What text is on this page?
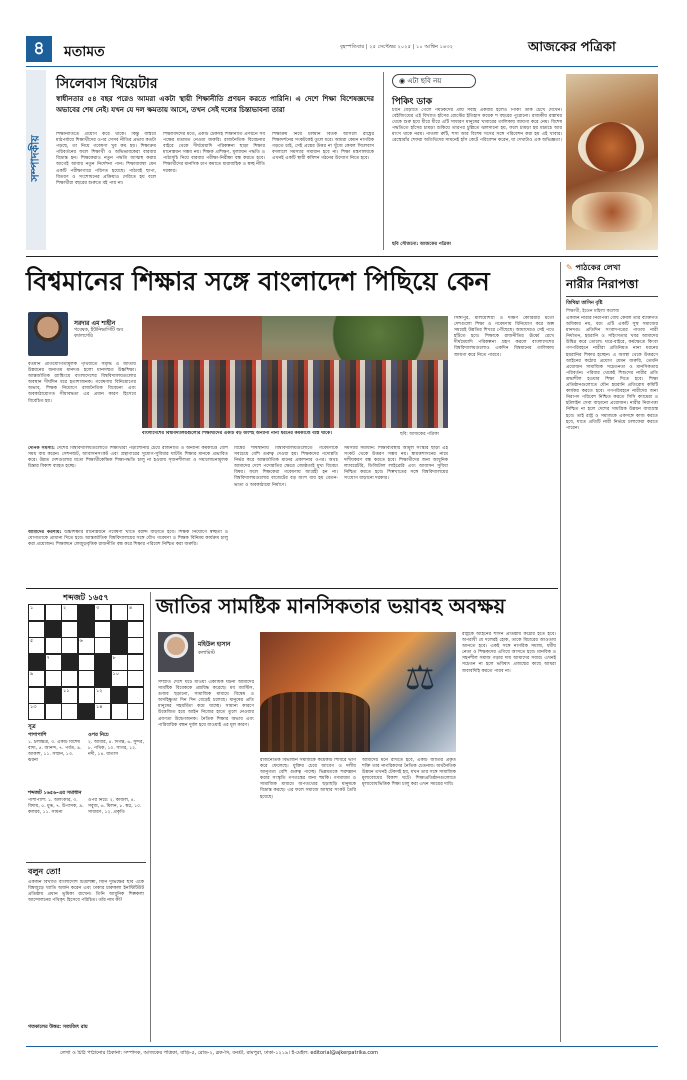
৪	মতামত	বৃহস্পতিবার | ২৫ সেপ্টেম্বর ২০২৫ | ১০ আশ্বিন ১৪৩২	আজকের পত্রিকা
সম্পাদকীয়
সিলেবাস থিয়েটার
স্বাধীনতার ৫৪ বছর পরেও আমরা একটা স্থায়ী শিক্ষানীতি প্রণয়ন করতে পারিনি। এ দেশে শিক্ষা বিশেষজ্ঞদের অভাবের শেষ নেই। যখন যে দল ক্ষমতায় আসে, তখন সেই দলের চিন্তাভাবনা তারা
শিক্ষানীতিতে প্রয়োগ করে থাকে। কিন্তু বাস্তবে মাঠপর্যায়ে শিক্ষার্থীদের ওপর সেসব নীতির প্রভাব কতটা পড়ছে, তা নিয়ে গবেষণা খুব কম হয়। শিক্ষাক্রম পরিবর্তনের ফলে শিক্ষার্থী ও অভিভাবকেরা বারবার বিভ্রান্ত হন। শিক্ষকেরাও নতুন পদ্ধতি আত্মস্থ করার আগেই আবার নতুন নির্দেশনা পান। শিক্ষাব্যবস্থা যেন একটি পরীক্ষাগারে পরিণত হয়েছে। পাঠ্যবই ছাপা, বিতরণ ও সংশোধনের প্রক্রিয়াও দেরিতে হয় বলে শিক্ষার্থীরা বছরের শুরুতে বই পায় না।
শিক্ষাবিদদের মতে, একটি টেকসই শিক্ষানীতি প্রণয়নে সব পক্ষের মতামত নেওয়া জরুরি। রাজনৈতিক বিবেচনার বাইরে থেকে দীর্ঘমেয়াদি পরিকল্পনা ছাড়া শিক্ষার মানোন্নয়ন সম্ভব নয়। শিক্ষক প্রশিক্ষণ, মূল্যায়ন পদ্ধতি ও পাঠ্যসূচি নিয়ে বারবার পরীক্ষা-নিরীক্ষা বন্ধ করতে হবে। শিক্ষার্থীদের মানসিক চাপ কমাতে ধারাবাহিক ও স্বচ্ছ নীতি দরকার।
শিক্ষাক্রম নিয়ে চলমান বিতর্ক আসলে রাষ্ট্রের শিক্ষাদর্শনের সংকটকেই তুলে ধরে। আমরা কেমন নাগরিক গড়তে চাই, সেই প্রশ্নের উত্তর না খুঁজে কেবল সিলেবাস বদলালে সমস্যার সমাধান হবে না। শিক্ষা মন্ত্রণালয়কে এখনই একটি স্থায়ী কমিশন গঠনের উদ্যোগ নিতে হবে।
◉ এটা ছবি নয়
পিকিং ডাক
চীনে বেড়াতে গেলে পর্যটকদের প্রায় সবাই একবার হলেও পিকিং ডাক চেখে দেখেন। বেইজিংয়ের এই বিখ্যাত হাঁসের রোস্টের ইতিহাস কয়েক শ বছরের পুরোনো। রাজকীয় রান্নাঘর থেকে শুরু হয়ে ধীরে ধীরে এটি সাধারণ মানুষের খাবারের তালিকায় জায়গা করে নেয়। বিশেষ পদ্ধতিতে হাঁসের চামড়া শুকিয়ে তারপর চুল্লিতে ঝলসানো হয়, ফলে চামড়া হয় মচমচে আর মাংস থাকে নরম। পাতলা রুটি, শসা আর বিশেষ সসের সঙ্গে পরিবেশন করা হয় এই খাবার। রেস্তোরাঁর শেফরা অতিথিদের সামনেই হাঁস কেটে পরিবেশন করেন, যা দেখাটাও এক অভিজ্ঞতা।
ছবি সৌজন্যে: আজকের পত্রিকা
বিশ্বমানের শিক্ষার সঙ্গে বাংলাদেশ পিছিয়ে কেন
সরদার এম শাহীন
গবেষক, ইউনিভার্সিটি অব ক্যালগেরি
বাংলাদেশের বিশ্ববিদ্যালয়গুলোর শিক্ষার্থীদের একটি বড় অংশই অন্যান্য নানা ধরনের কর্মকাণ্ডে ব্যস্ত থাকে।	ছবি: আজকের পত্রিকা
বর্তমান প্রতিযোগিতামূলক পৃথিবীতে সমৃদ্ধি ও জাতীয় উন্নয়নের অন্যতম মানদণ্ড হলো মানসম্মত উচ্চশিক্ষা। আন্তর্জাতিক র‍্যাঙ্কিংয়ে বাংলাদেশের বিশ্ববিদ্যালয়গুলোর অবস্থান দীর্ঘদিন ধরে হতাশাজনক। গবেষণায় বিনিয়োগের অভাব, শিক্ষক নিয়োগে রাজনৈতিক বিবেচনা এবং অবকাঠামোগত সীমাবদ্ধতা এর প্রধান কারণ হিসেবে বিবেচিত হয়।
দৈনিক সমস্যা: দেশের বিশ্ববিদ্যালয়গুলোতে শিক্ষার্থীরা পড়াশোনার চেয়ে রাজনীতি ও অন্যান্য কর্মকাণ্ডে বেশি সময় ব্যয় করেন। সেশনজট, আবাসনসংকট এবং গ্রন্থাগারের সুযোগ-সুবিধার ঘাটতি শিক্ষার মানকে প্রভাবিত করে। উন্নত দেশগুলোর মতো শিক্ষার্থীকেন্দ্রিক শিক্ষাপদ্ধতি চালু না হওয়ায় সৃজনশীলতা ও সমালোচনামূলক চিন্তার বিকাশ ব্যাহত হচ্ছে।
আমাদের করণীয়: উচ্চশিক্ষার মানোন্নয়নে গবেষণা খাতে বরাদ্দ বাড়াতে হবে। শিক্ষক নিয়োগে স্বচ্ছতা ও যোগ্যতাকে প্রাধান্য দিতে হবে। আন্তর্জাতিক বিশ্ববিদ্যালয়ের সঙ্গে যৌথ গবেষণা ও শিক্ষক বিনিময় কার্যক্রম চালু করা প্রয়োজন। শিক্ষাঙ্গনে লেজুড়বৃত্তিক রাজনীতি বন্ধ করে শিক্ষার পরিবেশ নিশ্চিত করা জরুরি।
বিশ্বের শীর্ষস্থানীয় বিশ্ববিদ্যালয়গুলোতে গবেষণাকে সবচেয়ে বেশি গুরুত্ব দেওয়া হয়। শিক্ষকদের পদোন্নতি নির্ভর করে আন্তর্জাতিক মানের প্রকাশনার ওপর। অথচ আমাদের দেশে পদোন্নতির ক্ষেত্রে জ্যেষ্ঠতাই মুখ্য বিবেচ্য বিষয়। ফলে শিক্ষকেরা গবেষণায় আগ্রহী হন না। বিশ্ববিদ্যালয়গুলোর বাজেটের বড় অংশ ব্যয় হয় বেতন-ভাতা ও অবকাঠামো নির্মাণে।
সমস্যার সমাধান: শিক্ষাব্যবস্থার আমূল সংস্কার ছাড়া এই সংকট থেকে উত্তরণ সম্ভব নয়। স্বায়ত্তশাসনের নামে দলীয়করণ বন্ধ করতে হবে। শিক্ষার্থীদের জন্য আধুনিক ল্যাবরেটরি, ডিজিটাল লাইব্রেরি এবং আবাসন সুবিধা নিশ্চিত করতে হবে। শিল্পখাতের সঙ্গে বিশ্ববিদ্যালয়ের সংযোগ বাড়ানো দরকার।
সিঙ্গাপুর, মালয়েশিয়া ও দক্ষিণ কোরিয়ার মতো দেশগুলো শিক্ষা ও গবেষণায় বিনিয়োগ করে অল্প সময়েই উন্নতির শিখরে পৌঁছেছে। আমাদেরও সেই পথে হাঁটতে হবে। শিক্ষাকে রাজনীতির ঊর্ধ্বে রেখে দীর্ঘমেয়াদি পরিকল্পনা গ্রহণ করলে বাংলাদেশের বিশ্ববিদ্যালয়গুলোও একদিন বিশ্বমানের তালিকায় জায়গা করে নিতে পারবে।
✎ পাঠকের লেখা
নারীর নিরাপত্তা
তিথিয়া তাসিন বৃষ্টি
শিক্ষার্থী, ইডেন মহিলা কলেজ
একজন নারীর নিরাপত্তা বোধ কেবল তার ব্যক্তিগত অধিকার নয়, বরং এটি একটি সুস্থ সমাজের মানদণ্ড। প্রতিদিন সংবাদপত্রের পাতায় নারী নির্যাতন, হয়রানি ও সহিংসতার খবর আমাদের উদ্বিগ্ন করে তোলে। ঘরে-বাইরে, কর্মক্ষেত্রে কিংবা গণপরিবহনে নারীরা প্রতিনিয়ত নানা ধরনের হয়রানির শিকার হচ্ছেন। এ অবস্থা থেকে উত্তরণে আইনের কঠোর প্রয়োগ যেমন জরুরি, তেমনি প্রয়োজন সামাজিক সচেতনতা ও মানসিকতার পরিবর্তন। পরিবার থেকেই শিশুদের নারীর প্রতি শ্রদ্ধাশীল হওয়ার শিক্ষা দিতে হবে। শিক্ষা প্রতিষ্ঠানগুলোতে যৌন হয়রানি প্রতিরোধ কমিটি কার্যকর করতে হবে। গণপরিবহনে নারীদের জন্য নিরাপদ পরিবেশ নিশ্চিত করতে সিসি ক্যামেরা ও হটলাইন সেবা বাড়ানো প্রয়োজন। নারীর নিরাপত্তা নিশ্চিত না হলে দেশের সামগ্রিক উন্নয়ন বাধাগ্রস্ত হবে। তাই রাষ্ট্র ও সমাজকে একসঙ্গে কাজ করতে হবে, যাতে প্রতিটি নারী নির্ভয়ে চলাফেরা করতে পারেন।
শব্দজট ১৬৫৭
১	২	৩	৪
৫	৬
৭	৮
৯	১০
১১	১২
১৩	১৪
সূত্র
পাশাপাশি
১. চলচ্চিত্র, ৩. একটি বিশেষ বাদ্য, ৫. আনন্দ, ৭. পর্বত, ৯. আকাশ, ১১. সম্মান, ১৩. ঝরনা
ওপর নিচে
২. আধার, ৪. দিগন্ত, ৬. সুন্দর, ৮. পথিক, ১০. সাগর, ১২. নদী, ১৪. বাতাস
শব্দজট ১৬৫৬-এর সমাধান
পাশাপাশি: ১. অলংকার, ৩. বিদায়, ৫. মুগ্ধ, ৭. উপাসক, ৯. কলরব, ১১. সাধনা
ওপর নিচে: ২. কাজল, ৪. সবুজ, ৬. মিলন, ৮. স্বপ্ন, ১০. সাধারণ, ১২. প্রকৃতি
বলুন তো!
একজন বিখ্যাত বাংলাদেশি চিত্রশিল্পী, যিনি দুর্ভিক্ষের ছবি এঁকে বিশ্বজুড়ে খ্যাতি অর্জন করেন এবং ঢাকার চারুকলা ইনস্টিটিউট প্রতিষ্ঠায় প্রধান ভূমিকা রাখেন। তিনি আধুনিক শিল্পকলা আন্দোলনের পথিকৃৎ হিসেবে পরিচিত। তাঁর নাম কী?
গতকালের উত্তর: সত্যজিৎ রায়
জাতির সামষ্টিক মানসিকতার ভয়াবহ অবক্ষয়
মহিউল হাসান
কলামিস্ট
সম্প্রতি দেশে ঘটে যাওয়া একাধিক ঘটনা আমাদের সামষ্টিক বিবেককে প্রশ্নবিদ্ধ করেছে। মব জাস্টিস, গুজব ছড়ানো, সামাজিক মাধ্যমে বিদ্বেষ ও অসহিষ্ণুতা দিন দিন বেড়েই চলেছে। মানুষের প্রতি মানুষের সহমর্মিতা কমে যাচ্ছে। সামান্য কারণে উত্তেজিত হয়ে আইন নিজের হাতে তুলে নেওয়ার প্রবণতা উদ্বেগজনক। নৈতিক শিক্ষার অভাব এবং পারিবারিক বন্ধন দুর্বল হয়ে যাওয়াই এর মূল কারণ।
⚖
রাজনৈতিক বিভাজন সমাজকে কয়েকটি শিবিরে ভাগ করে ফেলেছে। যুক্তির চেয়ে আবেগ ও দলীয় আনুগত্য বেশি গুরুত্ব পাচ্ছে। ভিন্নমতকে শত্রুজ্ঞান করার সংস্কৃতি গণতন্ত্রের জন্য হুমকি। গণমাধ্যম ও সামাজিক মাধ্যমে অপতথ্যের ছড়াছড়ি মানুষকে বিভ্রান্ত করছে। এর ফলে সমাজে আস্থার সংকট তৈরি হয়েছে।
আমাদের মনে রাখতে হবে, একটি জাতির প্রকৃত শক্তি তার নাগরিকদের নৈতিক চেতনায়। অর্থনৈতিক উন্নয়ন তখনই টেকসই হয়, যখন তার সঙ্গে সামাজিক মূল্যবোধের বিকাশ ঘটে। শিক্ষাপ্রতিষ্ঠানগুলোতে মূল্যবোধভিত্তিক শিক্ষা চালু করা এখন সময়ের দাবি।
রাষ্ট্রকে আইনের শাসন প্রতিষ্ঠায় কঠোর হতে হবে। অপরাধী যে দলেরই হোক, তাকে বিচারের আওতায় আনতে হবে। একই সঙ্গে নাগরিক সমাজ, ধর্মীয় নেতা ও শিক্ষকদের এগিয়ে আসতে হবে। মানবিক ও সহনশীল সমাজ গড়ার দায় আমাদের সবার। এখনই সচেতন না হলে ভবিষ্যৎ প্রজন্মের কাছে আমরা জবাবদিহি করতে পারব না।
লেখা ও চিঠি পাঠানোর ঠিকানা: সম্পাদক, আজকের পত্রিকা, বাড়ি-৫, রোড-২, ব্লক-সি, বনশ্রী, রামপুরা, ঢাকা-১২১৯। ই-মেইল: editorial@ajkerpatrika.com
